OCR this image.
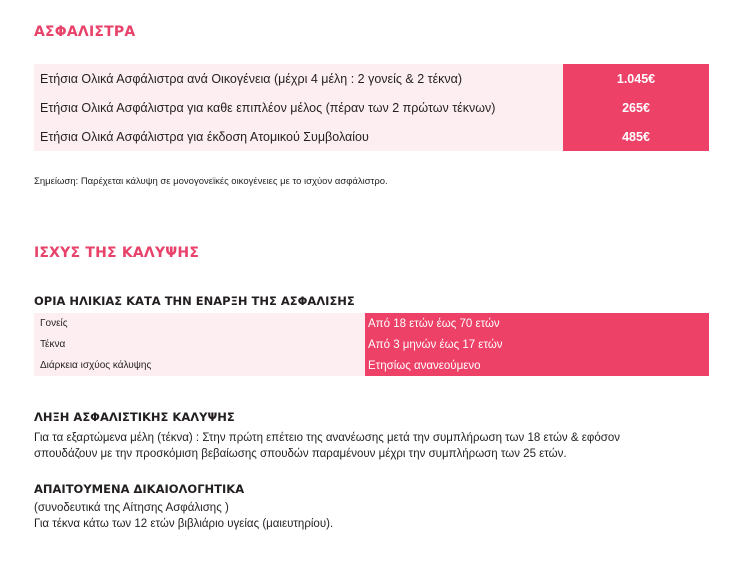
ΑΣΦΑΛΙΣΤΡΑ
Ετήσια Ολικά Ασφάλιστρα ανά Οικογένεια (μέχρι 4 μέλη : 2 γονείς & 2 τέκνα)	1.045€
Ετήσια Ολικά Ασφάλιστρα για καθε επιπλέον μέλος (πέραν των 2 πρώτων τέκνων)	265€
Ετήσια Ολικά Ασφάλιστρα για έκδοση Ατομικού Συμβολαίου	485€
Σημείωση: Παρέχεται κάλυψη σε μονογονεϊκές οικογένειες με το ισχύον ασφάλιστρο.
ΙΣΧΥΣ ΤΗΣ ΚΑΛΥΨΗΣ
ΟΡΙΑ ΗΛΙΚΙΑΣ ΚΑΤΑ ΤΗΝ ΕΝΑΡΞΗ ΤΗΣ ΑΣΦΑΛΙΣΗΣ
Γονείς	Από 18 ετών έως 70 ετών
Τέκνα	Από 3 μηνών έως 17 ετών
Διάρκεια ισχύος κάλυψης	Ετησίως ανανεούμενο
ΛΗΞΗ ΑΣΦΑΛΙΣΤΙΚΗΣ ΚΑΛΥΨΗΣ
Για τα εξαρτώμενα μέλη (τέκνα) : Στην πρώτη επέτειο της ανανέωσης μετά την συμπλήρωση των 18 ετών & εφόσον
σπουδάζουν με την προσκόμιση βεβαίωσης σπουδών παραμένουν μέχρι την συμπλήρωση των 25 ετών.
ΑΠΑΙΤΟΥΜΕΝΑ ΔΙΚΑΙΟΛΟΓΗΤΙΚΑ
(συνοδευτικά της Αίτησης Ασφάλισης )
Για τέκνα κάτω των 12 ετών βιβλιάριο υγείας (μαιευτηρίου).
